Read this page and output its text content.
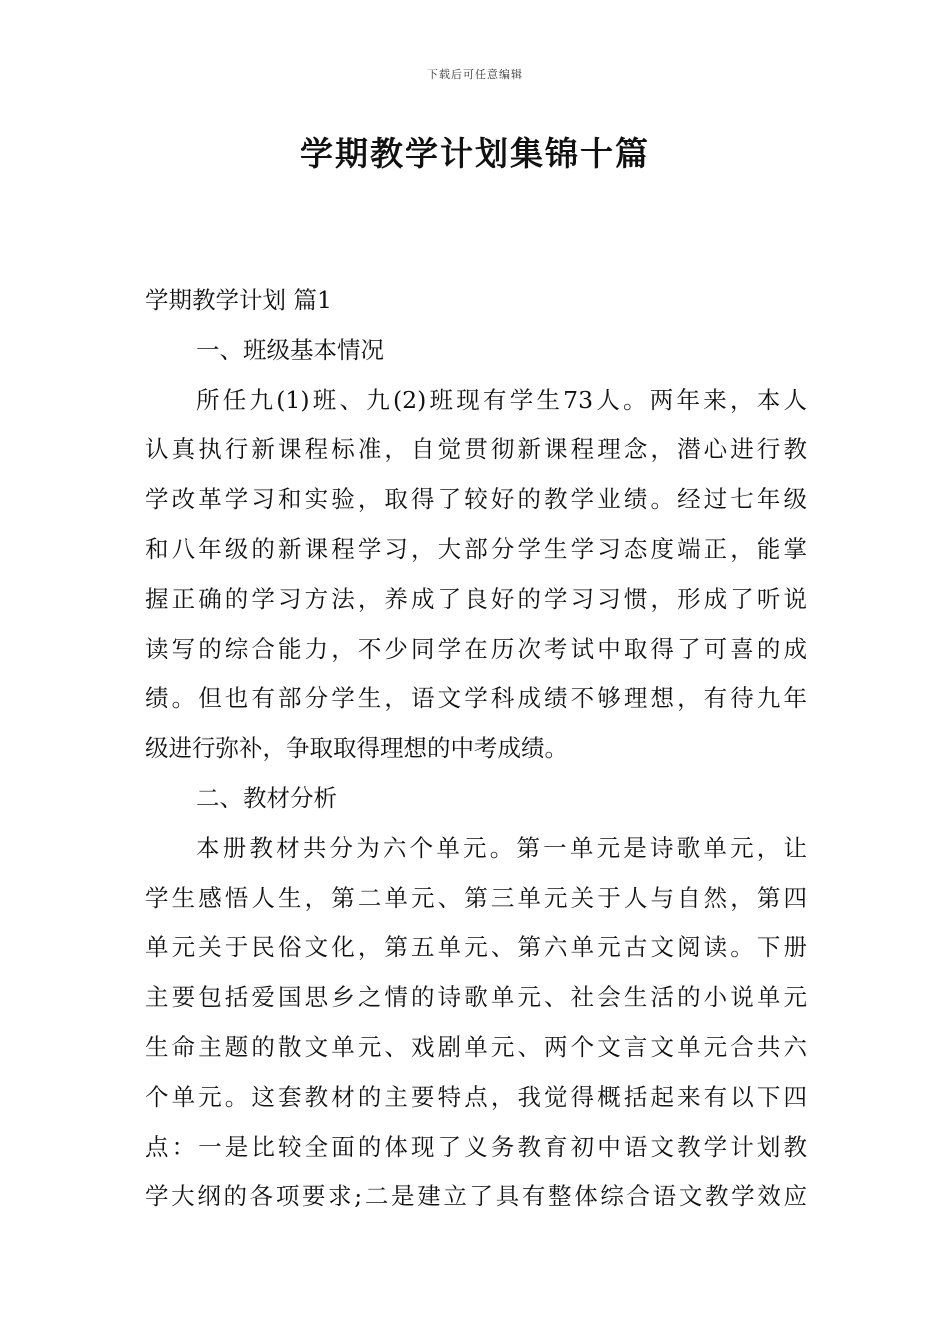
下载后可任意编辑
学期教学计划集锦十篇
学期教学计划 篇1
一、班级基本情况
所任九(1)班、九(2)班现有学生73人。两年来，本人
认真执行新课程标准，自觉贯彻新课程理念，潜心进行教
学改革学习和实验，取得了较好的教学业绩。经过七年级
和八年级的新课程学习，大部分学生学习态度端正，能掌
握正确的学习方法，养成了良好的学习习惯，形成了听说
读写的综合能力，不少同学在历次考试中取得了可喜的成
绩。但也有部分学生，语文学科成绩不够理想，有待九年
级进行弥补，争取取得理想的中考成绩。
二、教材分析
本册教材共分为六个单元。第一单元是诗歌单元，让
学生感悟人生，第二单元、第三单元关于人与自然，第四
单元关于民俗文化，第五单元、第六单元古文阅读。下册
主要包括爱国思乡之情的诗歌单元、社会生活的小说单元
生命主题的散文单元、戏剧单元、两个文言文单元合共六
个单元。这套教材的主要特点，我觉得概括起来有以下四
点：一是比较全面的体现了义务教育初中语文教学计划教
学大纲的各项要求;二是建立了具有整体综合语文教学效应
